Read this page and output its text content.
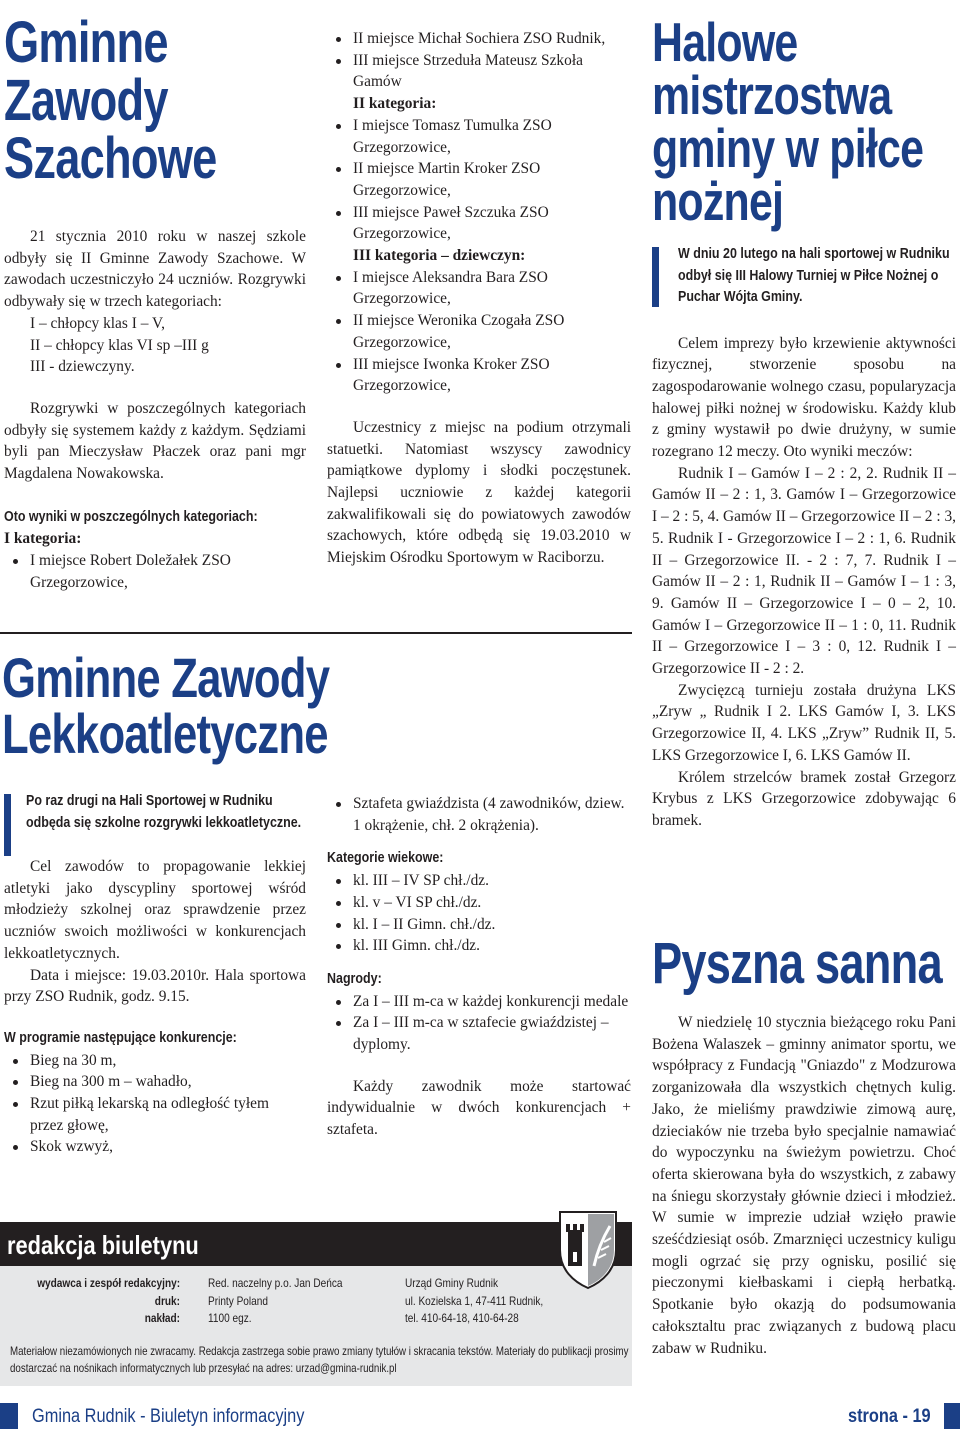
Gminne
Zawody
Szachowe

21 stycznia 2010 roku w naszej szkole odbyły się II Gminne Zawody Szachowe. W zawodach uczestniczyło 24 uczniów. Rozgrywki odbywały się w trzech kategoriach:

I – chłopcy klas I – V,
II – chłopcy klas VI sp –III g
III - dziewczyny.

Rozgrywki w poszczególnych kategoriach odbyły się systemem każdy z każdym. Sędziami byli pan Mieczysław Płaczek oraz pani mgr Magdalena Nowakowska.

Oto wyniki w poszczególnych kategoriach:
I kategoria:
I miejsce Robert Doležałek ZSO Grzegorzowice,
II miejsce Michał Sochiera ZSO Rudnik,
III miejsce Strzeduła Mateusz Szkoła Gamów
II kategoria:
I miejsce Tomasz Tumulka ZSO Grzegorzowice,
II miejsce Martin Kroker ZSO Grzegorzowice,
III miejsce Paweł Szczuka ZSO Grzegorzowice,
III kategoria – dziewczyn:
I miejsce Aleksandra Bara ZSO Grzegorzowice,
II miejsce Weronika Czogała ZSO Grzegorzowice,
III miejsce Iwonka Kroker ZSO Grzegorzowice,

Uczestnicy z miejsc na podium otrzymali statuetki. Natomiast wszyscy zawodnicy pamiątkowe dyplomy i słodki poczęstunek. Najlepsi uczniowie z każdej kategorii zakwalifikowali się do powiatowych zawodów szachowych, które odbędą się 19.03.2010 w Miejskim Ośrodku Sportowym w Raciborzu.

Gminne Zawody
Lekkoatletyczne
Po raz drugi na Hali Sportowej w Rudniku odbęda się szkolne rozgrywki lekkoatletyczne.

Cel zawodów to propagowanie lekkiej atletyki jako dyscypliny sportowej wśród młodzieży szkolnej oraz sprawdzenie przez uczniów swoich możliwości w konkurencjach lekkoatletycznych.

Data i miejsce: 19.03.2010r. Hala sportowa przy ZSO Rudnik, godz. 9.15.

W programie następujące konkurencje:
Bieg na 30 m,
Bieg na 300 m – wahadło,
Rzut piłką lekarską na odległość tyłem przez głowę,
Skok wzwyż,
Sztafeta gwiaździsta (4 zawodników, dziew. 1 okrążenie, chł. 2 okrążenia).
Kategorie wiekowe:
kl. III – IV SP chł./dz.
kl. v – VI SP chł./dz.
kl. I – II Gimn. chł./dz.
kl. III Gimn. chł./dz.
Nagrody:
Za I – III m-ca w każdej konkurencji medale
Za I – III m-ca w sztafecie gwiaździstej – dyplomy.

Każdy zawodnik może startować indywidualnie w dwóch konkurencjach + sztafeta.

Halowe
mistrzostwa
gminy w piłce
nożnej
W dniu 20 lutego na hali sportowej w Rudniku odbył się III Halowy Turniej w Piłce Nożnej o Puchar Wójta Gminy.

Celem imprezy było krzewienie aktywności fizycznej, stworzenie sposobu na zagospodarowanie wolnego czasu, popularyzacja halowej piłki nożnej w środowisku. Każdy klub z gminy wystawił po dwie drużyny, w sumie rozegrano 12 meczy. Oto wyniki meczów:

Rudnik I – Gamów I – 2 : 2, 2. Rudnik II – Gamów II – 2 : 1, 3. Gamów I – Grzegorzowice I – 2 : 5, 4. Gamów II – Grzegorzowice II – 2 : 3, 5. Rudnik I - Grzegorzowice I – 2 : 1, 6. Rudnik II – Grzegorzowice II. - 2 : 7, 7. Rudnik I – Gamów II – 2 : 1, Rudnik II – Gamów I – 1 : 3, 9. Gamów II – Grzegorzowice I – 0 – 2, 10. Gamów I – Grzegorzowice II – 1 : 0, 11. Rudnik II – Grzegorzowice I – 3 : 0, 12. Rudnik I – Grzegorzowice II - 2 : 2.

Zwycięzcą turnieju została drużyna LKS „Zryw „ Rudnik I 2. LKS Gamów I, 3. LKS Grzegorzowice II, 4. LKS „Zryw” Rudnik II, 5. LKS Grzegorzowice I, 6. LKS Gamów II.

Królem strzelców bramek został Grzegorz Krybus z LKS Grzegorzowice zdobywając 6 bramek.

Pyszna sanna

W niedzielę 10 stycznia bieżącego roku Pani Bożena Walaszek – gminny animator sportu, we współpracy z Fundacją "Gniazdo" z Modzurowa zorganizowała dla wszystkich chętnych kulig. Jako, że mieliśmy prawdziwie zimową aurę, dzieciaków nie trzeba było specjalnie namawiać do wypoczynku na świeżym powietrzu. Choć oferta skierowana była do wszystkich, z zabawy na śniegu skorzystały głównie dzieci i młodzież. W sumie w imprezie udział wzięło prawie sześćdziesiąt osób. Zmarznięci uczestnicy kuligu mogli ogrzać się przy ognisku, posilić się pieczonymi kiełbaskami i ciepłą herbatką. Spotkanie było okazją do podsumowania całoksztaltu prac związanych z budową placu zabaw w Rudniku.

redakcja biuletynu
wydawca i zespół redakcyjny:
druk:
nakład:
Red. naczelny p.o. Jan Deńca
Printy Poland
1100 egz.
Urząd Gminy Rudnik
ul. Kozielska 1, 47-411 Rudnik,
tel. 410-64-18, 410-64-28
Materiałow niezamówionych nie zwracamy. Redakcja zastrzega sobie prawo zmiany tytułów i skracania tekstów. Materiały do publikacji prosimy
dostarczać na nośnikach informatycznych lub przesyłać na adres: urzad@gmina-rudnik.pl
Gmina Rudnik - Biuletyn informacyjny	strona - 19
